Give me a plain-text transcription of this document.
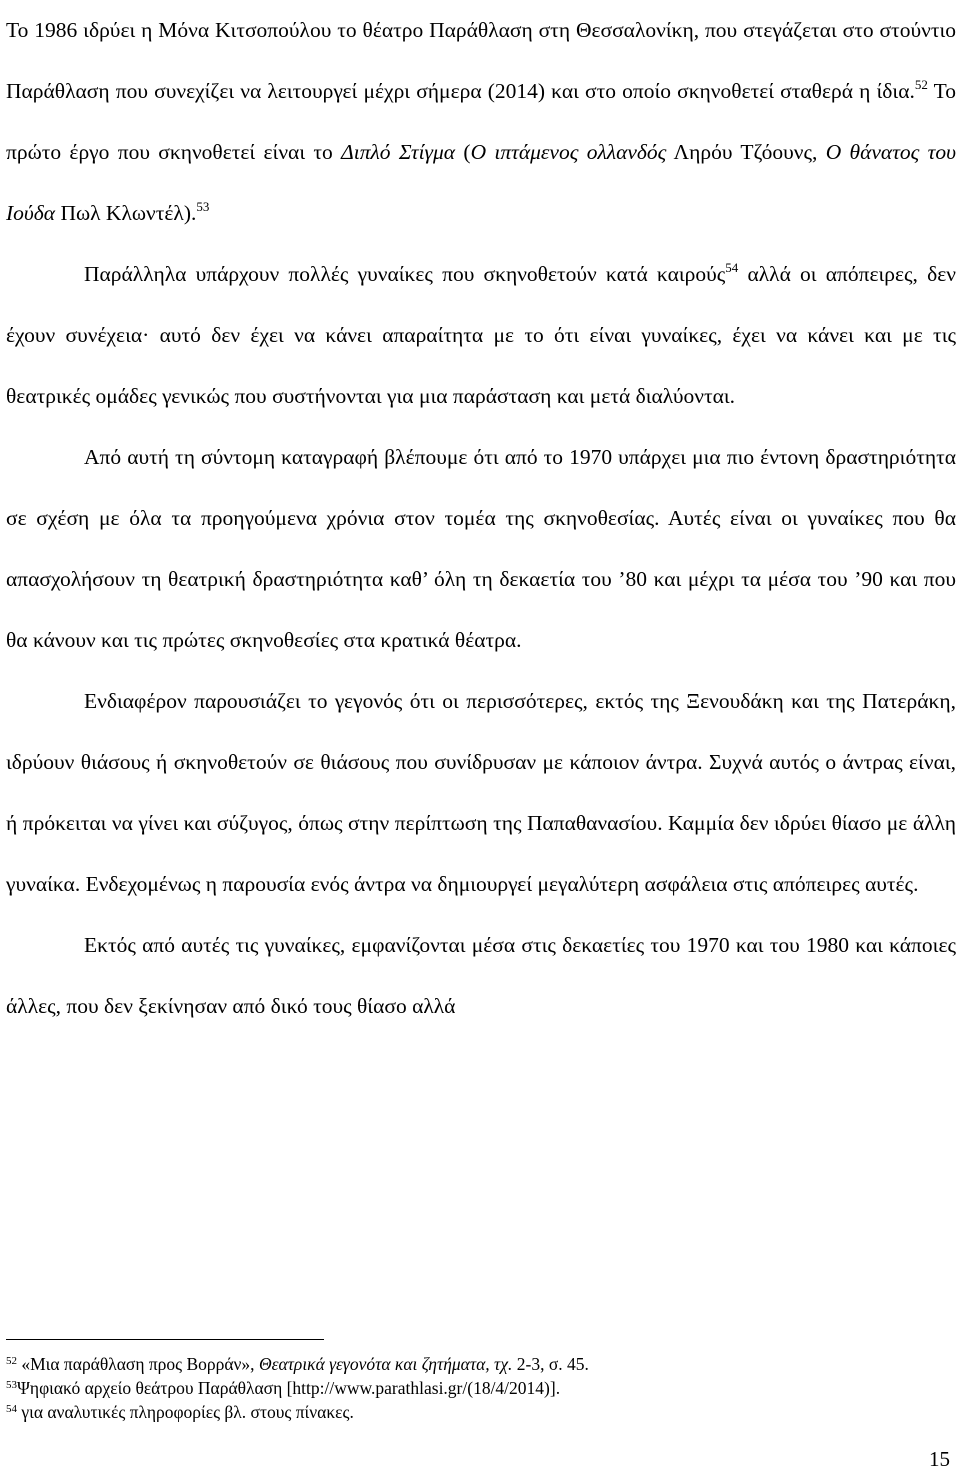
Το 1986 ιδρύει η Μόνα Κιτσοπούλου το θέατρο Παράθλαση στη Θεσσαλονίκη, που στεγάζεται στο στούντιο Παράθλαση που συνεχίζει να λειτουργεί μέχρι σήμερα (2014) και στο οποίο σκηνοθετεί σταθερά η ίδια.$^{52}$ Το πρώτο έργο που σκηνοθετεί είναι το Διπλό Στίγμα (Ο ιπτάμενος ολλανδός Ληρόυ Τζόουνς, Ο θάνατος του Ιούδα Πωλ Κλωντέλ).$^{53}$

Παράλληλα υπάρχουν πολλές γυναίκες που σκηνοθετούν κατά καιρούς$^{54}$ αλλά οι απόπειρες, δεν έχουν συνέχεια· αυτό δεν έχει να κάνει απαραίτητα με το ότι είναι γυναίκες, έχει να κάνει και με τις θεατρικές ομάδες γενικώς που συστήνονται για μια παράσταση και μετά διαλύονται.

Από αυτή τη σύντομη καταγραφή βλέπουμε ότι από το 1970 υπάρχει μια πιο έντονη δραστηριότητα σε σχέση με όλα τα προηγούμενα χρόνια στον τομέα της σκηνοθεσίας. Αυτές είναι οι γυναίκες που θα απασχολήσουν τη θεατρική δραστηριότητα καθ’ όλη τη δεκαετία του ’80 και μέχρι τα μέσα του ’90 και που θα κάνουν και τις πρώτες σκηνοθεσίες στα κρατικά θέατρα.

Ενδιαφέρον παρουσιάζει το γεγονός ότι οι περισσότερες, εκτός της Ξενουδάκη και της Πατεράκη, ιδρύουν θιάσους ή σκηνοθετούν σε θιάσους που συνίδρυσαν με κάποιον άντρα. Συχνά αυτός ο άντρας είναι, ή πρόκειται να γίνει και σύζυγος, όπως στην περίπτωση της Παπαθανασίου. Καμμία δεν ιδρύει θίασο με άλλη γυναίκα. Ενδεχομένως η παρουσία ενός άντρα να δημιουργεί μεγαλύτερη ασφάλεια στις απόπειρες αυτές.

Εκτός από αυτές τις γυναίκες, εμφανίζονται μέσα στις δεκαετίες του 1970 και του 1980 και κάποιες άλλες, που δεν ξεκίνησαν από δικό τους θίασο αλλά

$^{52}$ «Μια παράθλαση προς Βορράν», Θεατρικά γεγονότα και ζητήματα, τχ. 2-3, σ. 45.

$^{53}$Ψηφιακό αρχείο θεάτρου Παράθλαση [http://www.parathlasi.gr/(18/4/2014)].

$^{54}$ για αναλυτικές πληροφορίες βλ. στους πίνακες.

15
